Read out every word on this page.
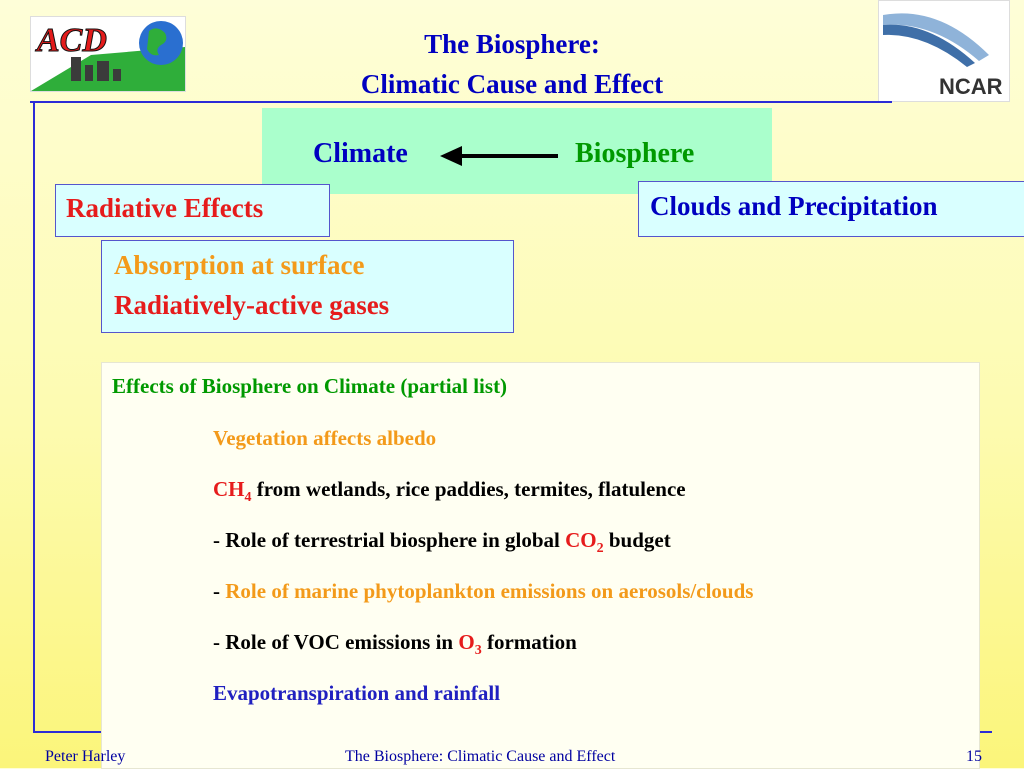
ACD
NCAR
The Biosphere:
Climatic Cause and Effect
Climate	Biosphere
Radiative Effects	Clouds and Precipitation
Absorption at surface
Radiatively-active gases
Effects of Biosphere on Climate (partial list)
Vegetation affects albedo
$CH_4$ from wetlands, rice paddies, termites, flatulence
- Role of terrestrial biosphere in global $CO_2$ budget
- Role of marine phytoplankton emissions on aerosols/clouds
- Role of VOC emissions in $O_3$ formation
Evapotranspiration and rainfall
Peter Harley	The Biosphere: Climatic Cause and Effect	15
